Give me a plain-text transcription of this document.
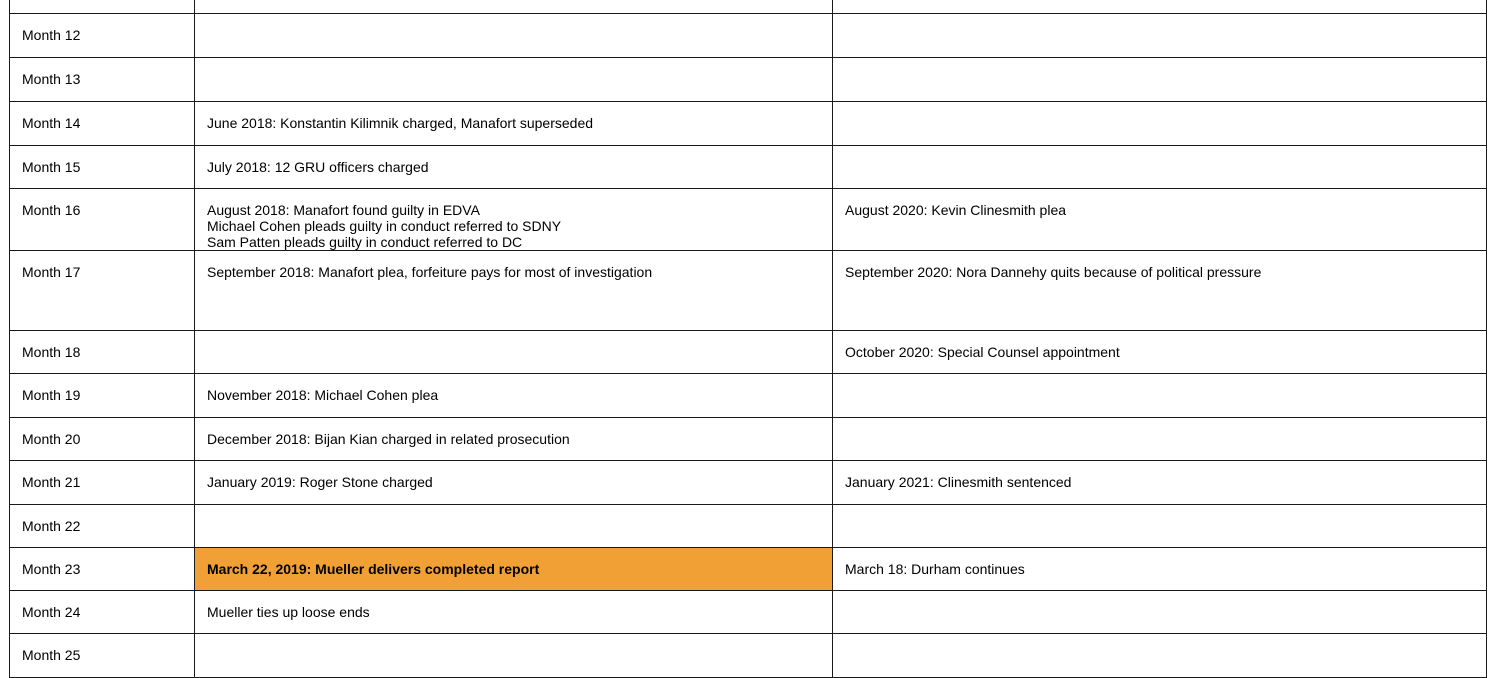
Month 12		

Month 13		

Month 14	June 2018: Konstantin Kilimnik charged, Manafort superseded	

Month 15	July 2018: 12 GRU officers charged	

Month 16	August 2018: Manafort found guilty in EDVA
Michael Cohen pleads guilty in conduct referred to SDNY
Sam Patten pleads guilty in conduct referred to DC	August 2020: Kevin Clinesmith plea

Month 17	September 2018: Manafort plea, forfeiture pays for most of investigation	September 2020: Nora Dannehy quits because of political pressure

Month 18		October 2020: Special Counsel appointment

Month 19	November 2018: Michael Cohen plea	

Month 20	December 2018: Bijan Kian charged in related prosecution	

Month 21	January 2019: Roger Stone charged	January 2021: Clinesmith sentenced

Month 22		

Month 23	March 22, 2019: Mueller delivers completed report	March 18: Durham continues

Month 24	Mueller ties up loose ends	

Month 25		
